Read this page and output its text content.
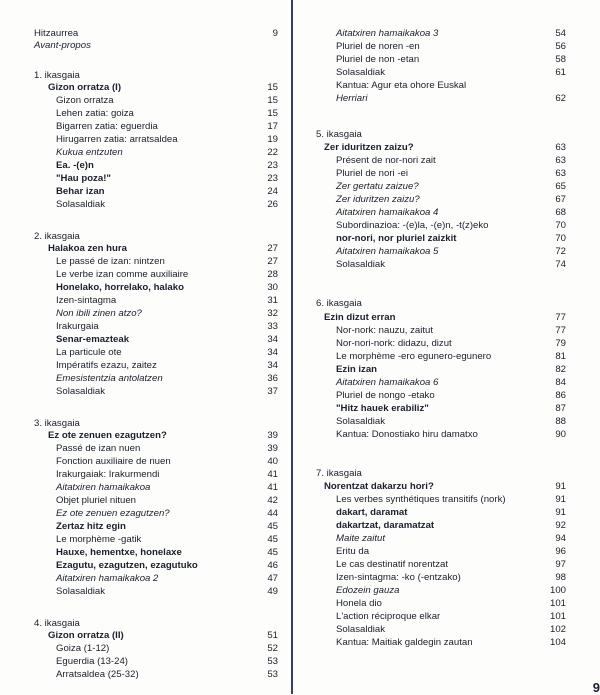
Hitzaurrea	9
Avant-propos
1. ikasgaia
Gizon orratza (I)	15
Gizon orratza	15
Lehen zatia: goiza	15
Bigarren zatia: eguerdia	17
Hirugarren zatia: arratsaldea	19
Kukua entzuten	22
Ea. -(e)n	23
"Hau poza!"	23
Behar izan	24
Solasaldiak	26
2. ikasgaia
Halakoa zen hura	27
Le passé de izan: nintzen	27
Le verbe izan comme auxiliaire	28
Honelako, horrelako, halako	30
Izen-sintagma	31
Non ibili zinen atzo?	32
Irakurgaia	33
Senar-emazteak	34
La particule ote	34
Impératifs ezazu, zaitez	34
Emesistentzia antolatzen	36
Solasaldiak	37
3. ikasgaia
Ez ote zenuen ezagutzen?	39
Passé de izan nuen	39
Fonction auxiliaire de nuen	40
Irakurgaiak: Irakurmendi	41
Aitatxiren hamaikakoa	41
Objet pluriel nituen	42
Ez ote zenuen ezagutzen?	44
Zertaz hitz egin	45
Le morphème -gatik	45
Hauxe, hementxe, honelaxe	45
Ezagutu, ezagutzen, ezagutuko	46
Aitatxiren hamaikakoa 2	47
Solasaldiak	49
4. ikasgaia
Gizon orratza (II)	51
Goiza (1-12)	52
Eguerdia (13-24)	53
Arratsaldea (25-32)	53
Aitatxiren hamaikakoa 3	54
Pluriel de noren -en	56
Pluriel de non -etan	58
Solasaldiak	61
Kantua: Agur eta ohore Euskal
Herriari	62
5. ikasgaia
Zer iduritzen zaizu?	63
Présent de nor-nori zait	63
Pluriel de nori -ei	63
Zer gertatu zaizue?	65
Zer iduritzen zaizu?	67
Aitatxiren hamaikakoa 4	68
Subordinazioa: -(e)la, -(e)n, -t(z)eko	70
nor-nori, nor pluriel zaizkit	70
Aitatxiren hamaikakoa 5	72
Solasaldiak	74
6. ikasgaia
Ezin dizut erran	77
Nor-nork: nauzu, zaitut	77
Nor-nori-nork: didazu, dizut	79
Le morphème -ero egunero-egunero	81
Ezin izan	82
Aitatxiren hamaikakoa 6	84
Pluriel de nongo -etako	86
"Hitz hauek erabiliz"	87
Solasaldiak	88
Kantua: Donostiako hiru damatxo	90
7. ikasgaia
Norentzat dakarzu hori?	91
Les verbes synthétiques transitifs (nork)	91
dakart, daramat	91
dakartzat, daramatzat	92
Maite zaitut	94
Eritu da	96
Le cas destinatif norentzat	97
Izen-sintagma: -ko (-entzako)	98
Edozein gauza	100
Honela dio	101
L'action réciproque elkar	101
Solasaldiak	102
Kantua: Maitiak galdegin zautan	104
9
